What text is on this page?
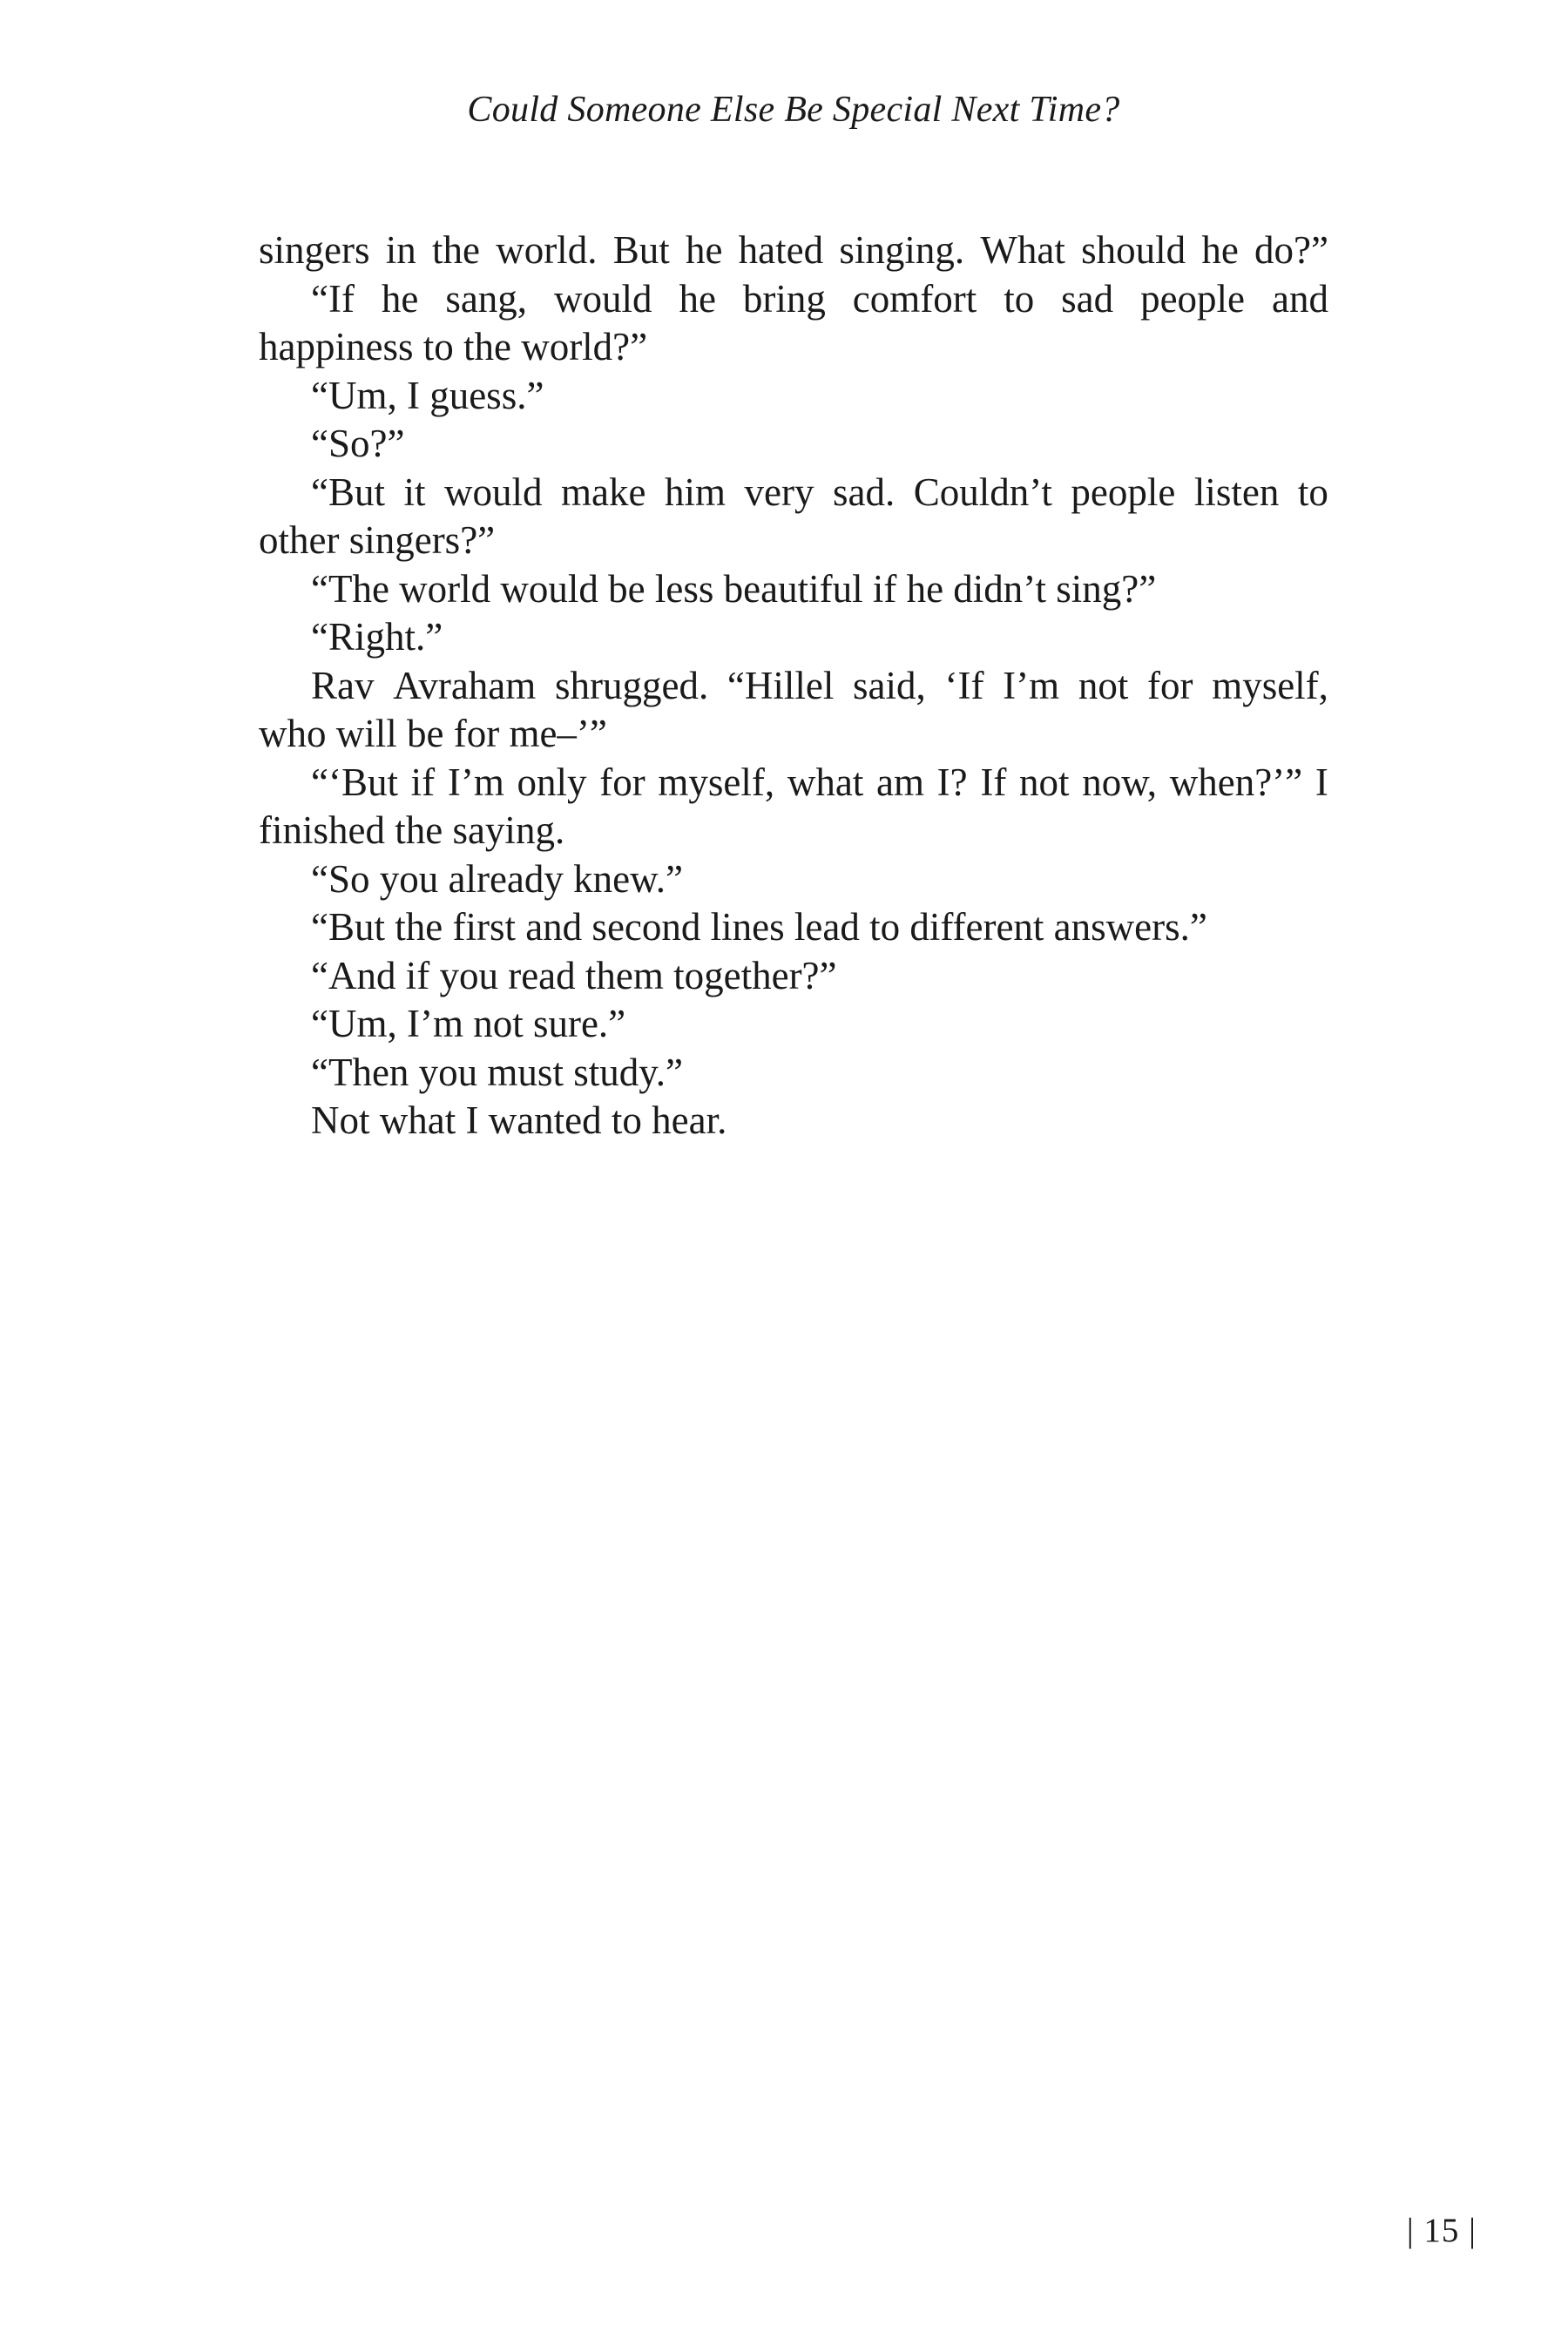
Could Someone Else Be Special Next Time?
singers in the world. But he hated singing. What should he do?”
“If he sang, would he bring comfort to sad people and
happiness to the world?”
“Um, I guess.”
“So?”
“But it would make him very sad. Couldn’t people listen to
other singers?”
“The world would be less beautiful if he didn’t sing?”
“Right.”
Rav Avraham shrugged. “Hillel said, ‘If I’m not for myself,
who will be for me–’”
“‘But if I’m only for myself, what am I? If not now, when?’” I
finished the saying.
“So you already knew.”
“But the first and second lines lead to different answers.”
“And if you read them together?”
“Um, I’m not sure.”
“Then you must study.”
Not what I wanted to hear.
| 15 |
